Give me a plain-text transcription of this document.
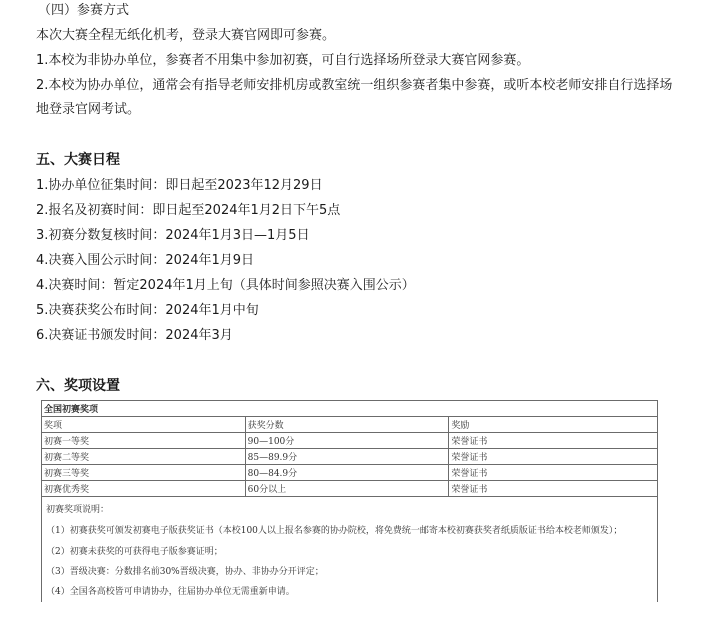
（四）参赛方式
本次大赛全程无纸化机考，登录大赛官网即可参赛。
1.本校为非协办单位，参赛者不用集中参加初赛，可自行选择场所登录大赛官网参赛。
2.本校为协办单位，通常会有指导老师安排机房或教室统一组织参赛者集中参赛，或听本校老师安排自行选择场地登录官网考试。
五、大赛日程
1.协办单位征集时间：即日起至2023年12月29日
2.报名及初赛时间：即日起至2024年1月2日下午5点
3.初赛分数复核时间：2024年1月3日—1月5日
4.决赛入围公示时间：2024年1月9日
4.决赛时间：暂定2024年1月上旬（具体时间参照决赛入围公示）
5.决赛获奖公布时间：2024年1月中旬
6.决赛证书颁发时间：2024年3月
六、奖项设置
全国初赛奖项		
奖项	获奖分数	奖励
初赛一等奖	90—100分	荣誉证书
初赛二等奖	85—89.9分	荣誉证书
初赛三等奖	80—84.9分	荣誉证书
初赛优秀奖	60分以上	荣誉证书

初赛奖项说明：
（1）初赛获奖可颁发初赛电子版获奖证书（本校100人以上报名参赛的协办院校，将免费统一邮寄本校初赛获奖者纸质版证书给本校老师颁发）；
（2）初赛未获奖的可获得电子版参赛证明；
（3）晋级决赛：分数排名前30%晋级决赛，协办、非协办分开评定；
（4）全国各高校皆可申请协办，往届协办单位无需重新申请。		
